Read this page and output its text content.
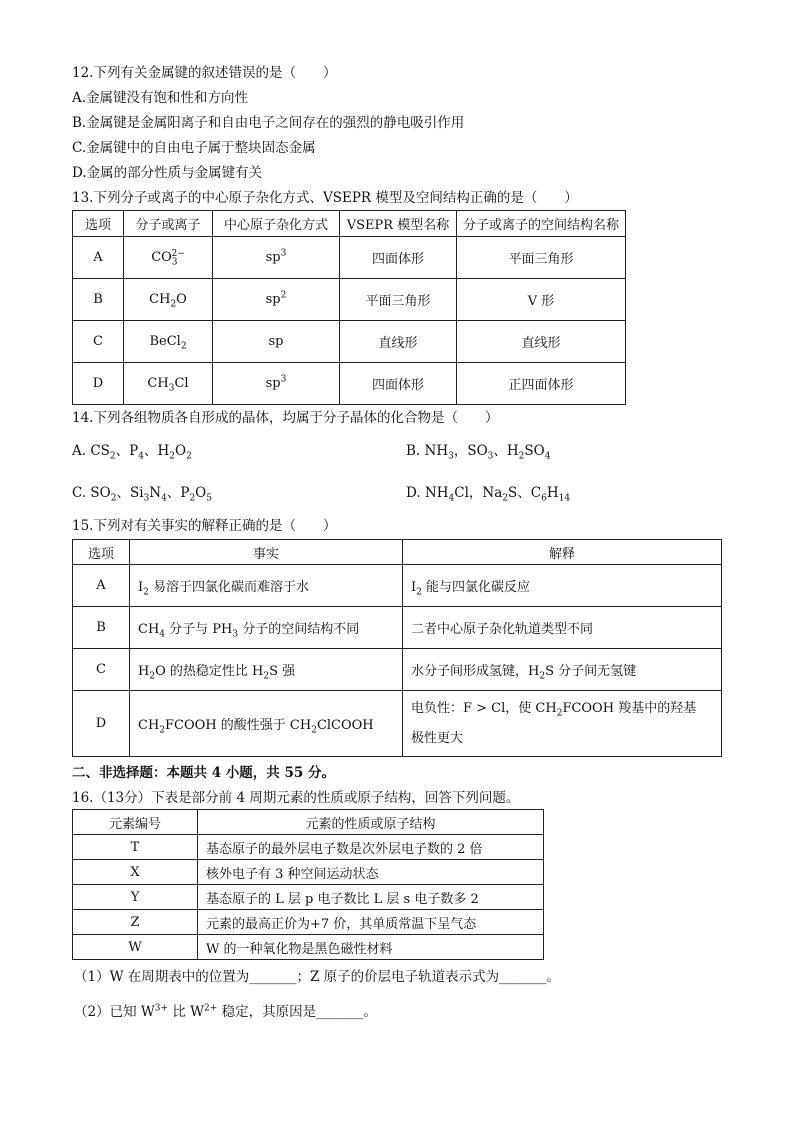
12.下列有关金属键的叙述错误的是（　　）
A.金属键没有饱和性和方向性
B.金属键是金属阳离子和自由电子之间存在的强烈的静电吸引作用
C.金属键中的自由电子属于整块固态金属
D.金属的部分性质与金属键有关
13.下列分子或离子的中心原子杂化方式、VSEPR 模型及空间结构正确的是（　　）
选项	分子或离子	中心原子杂化方式	VSEPR 模型名称	分子或离子的空间结构名称
A	$CO_3^{2-}$	$sp^3$	四面体形	平面三角形
B	$CH_2O$	$sp^2$	平面三角形	V 形
C	BeCl$_2$	sp	直线形	直线形
D	$CH_3Cl$	$sp^3$	四面体形	正四面体形
14.下列各组物质各自形成的晶体，均属于分子晶体的化合物是（　　）
A. $CS_2$、$P_4$、$H_2O_2$	B. $NH_3$，$SO_3$、$H_2SO_4$
C. $SO_2$、$Si_3N_4$、$P_2O_5$	D. $NH_4Cl$，$Na_2S$、$C_6H_{14}$
15.下列对有关事实的解释正确的是（　　）
选项	事实	解释
A	$I_2$ 易溶于四氯化碳而难溶于水	$I_2$ 能与四氯化碳反应
B	$CH_4$ 分子与 $PH_3$ 分子的空间结构不同	二者中心原子杂化轨道类型不同
C	$H_2O$ 的热稳定性比 $H_2S$ 强	水分子间形成氢键，$H_2S$ 分子间无氢键
D	$CH_2FCOOH$ 的酸性强于 $CH_2ClCOOH$	电负性：F > Cl，使 $CH_2FCOOH$ 羧基中的羟基
极性更大
二、非选择题：本题共 4 小题，共 55 分。
16.（13分）下表是部分前 4 周期元素的性质或原子结构，回答下列问题。
元素编号	元素的性质或原子结构
T	基态原子的最外层电子数是次外层电子数的 2 倍
X	核外电子有 3 种空间运动状态
Y	基态原子的 L 层 p 电子数比 L 层 s 电子数多 2
Z	元素的最高正价为+7 价，其单质常温下呈气态
W	W 的一种氧化物是黑色磁性材料
（1）W 在周期表中的位置为_______；Z 原子的价层电子轨道表示式为_______。
（2）已知 $W^{3+}$ 比 $W^{2+}$ 稳定，其原因是_______。
